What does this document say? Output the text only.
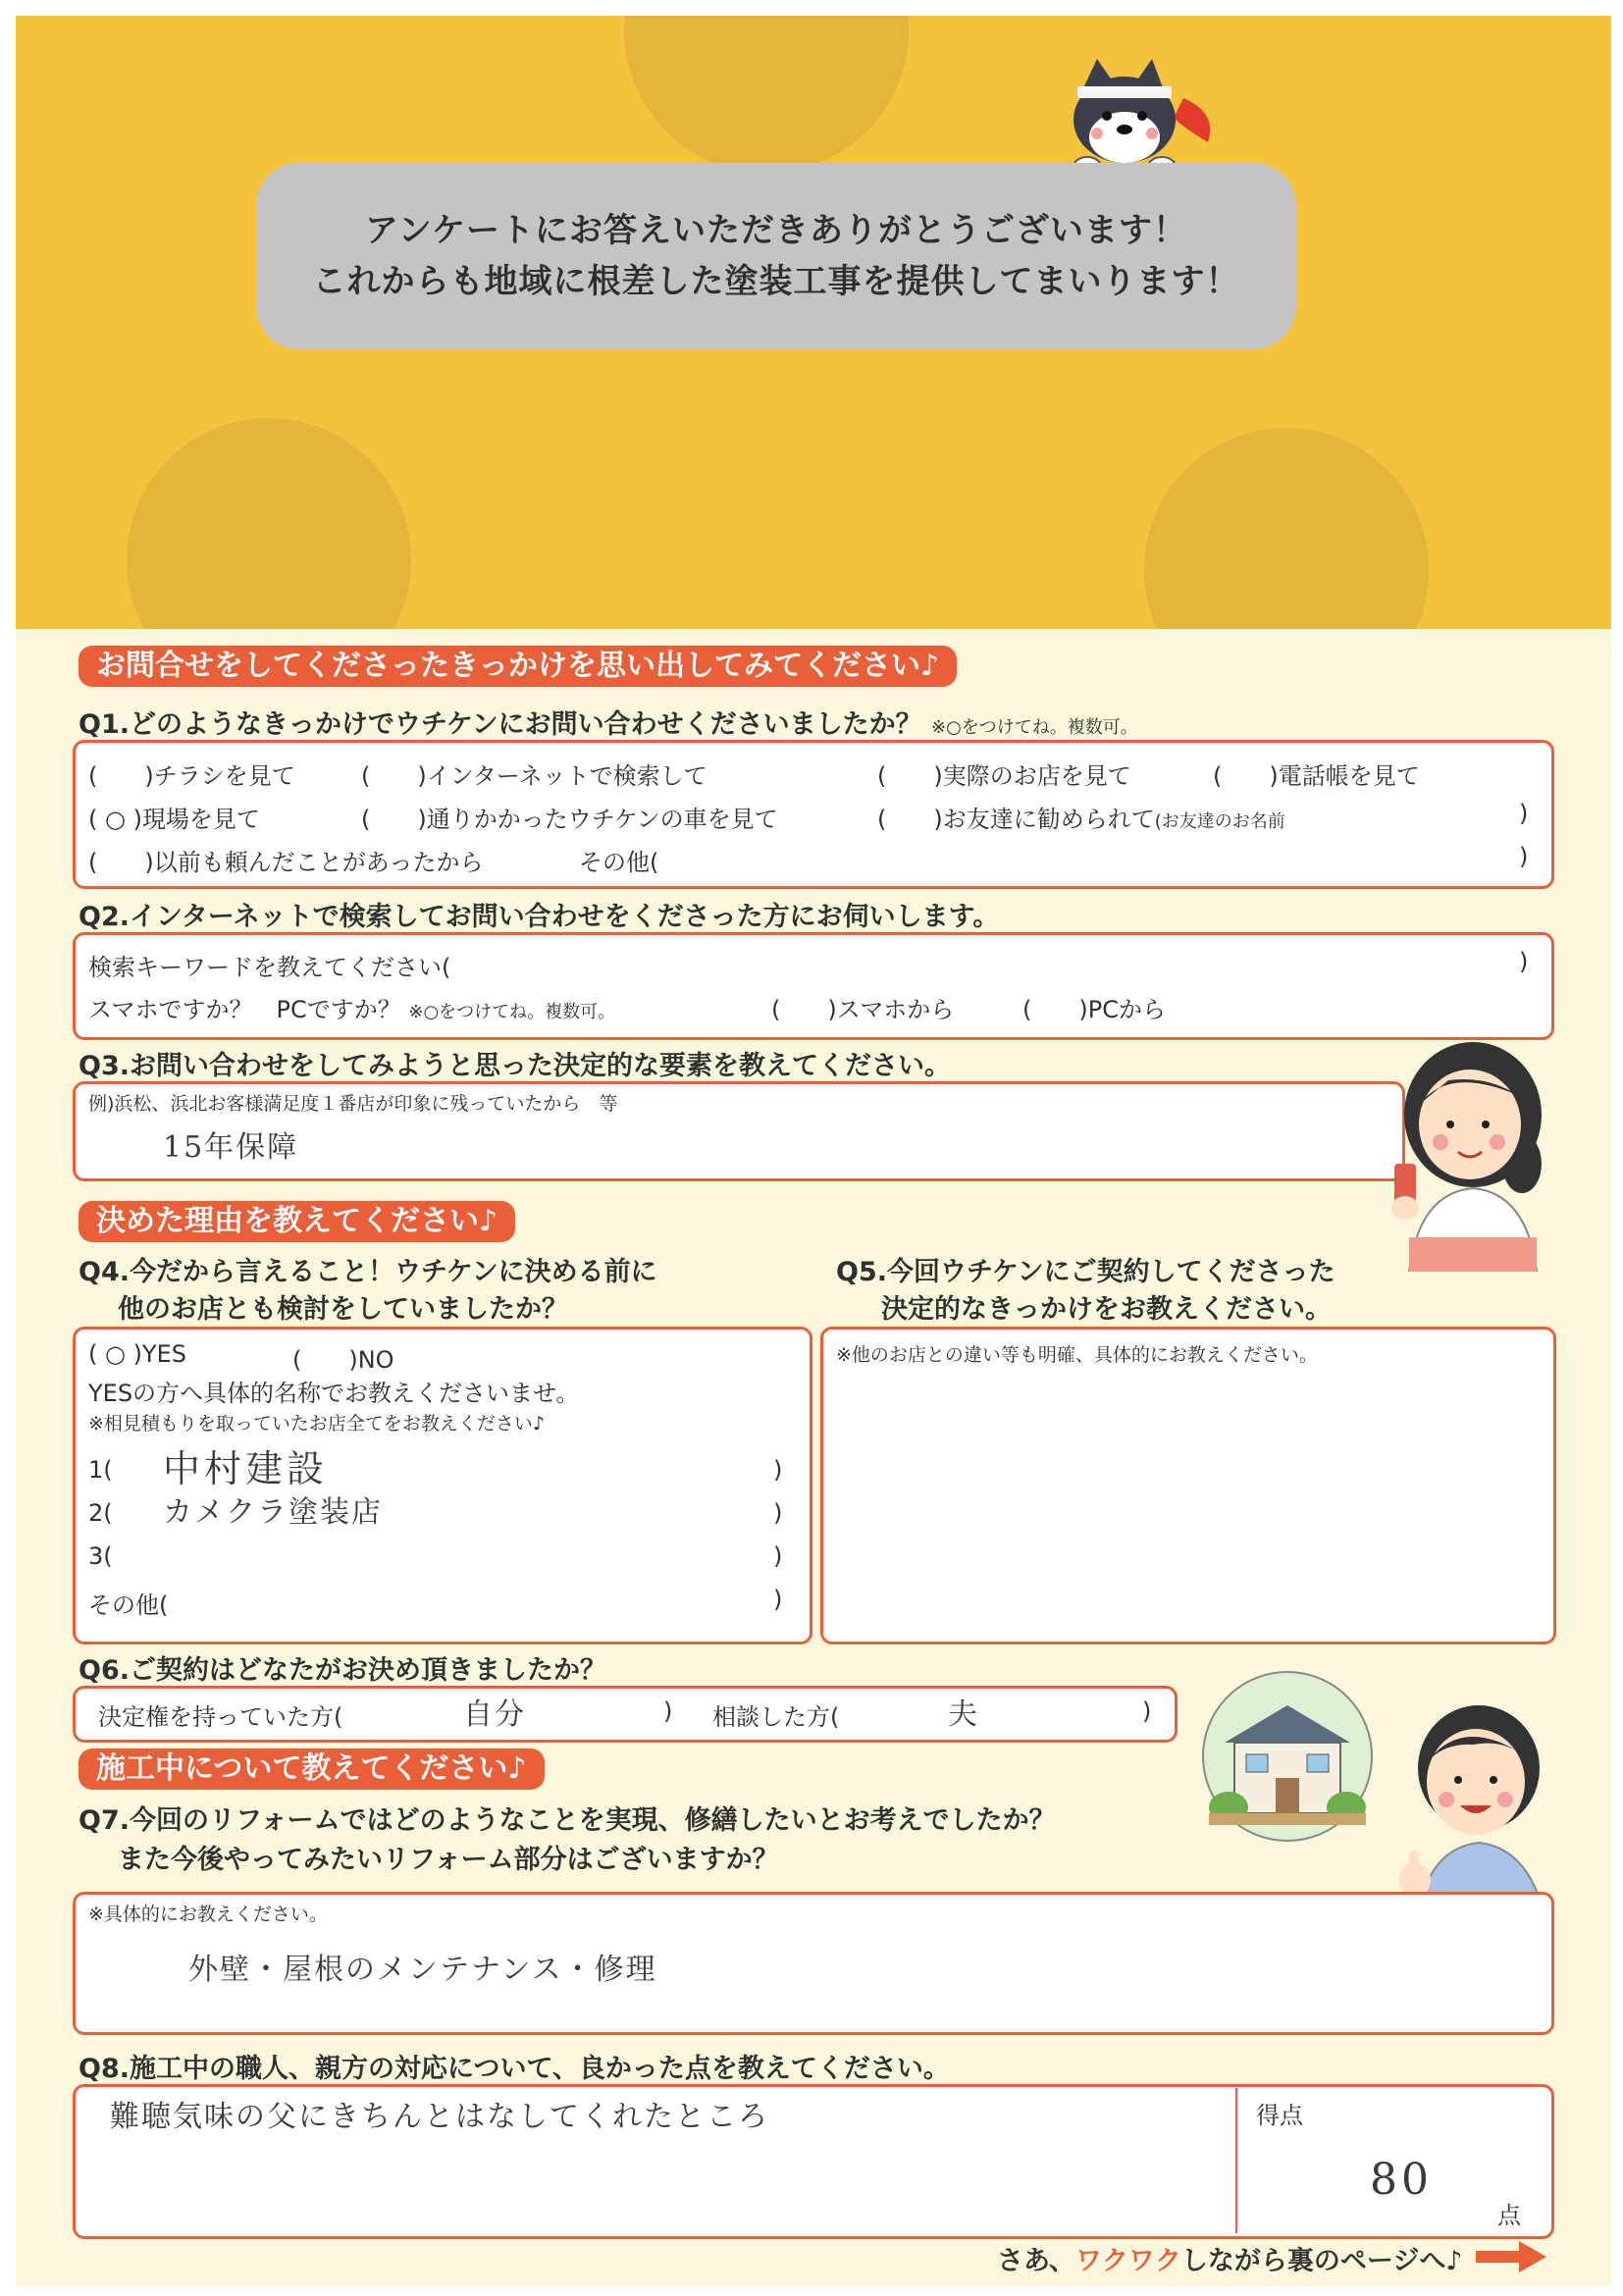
アンケートにお答えいただきありがとうございます！
これからも地域に根差した塗装工事を提供してまいります！
お問合せをしてくださったきっかけを思い出してみてください♪
Q1.どのようなきっかけでウチケンにお問い合わせくださいましたか？ ※○をつけてね。複数可。
(　　)チラシを見て	(　　)インターネットで検索して	(　　)実際のお店を見て	(　　)電話帳を見て
( ○ )現場を見て	(　　)通りかかったウチケンの車を見て	(　　)お友達に勧められて(お友達のお名前	)
(　　)以前も頼んだことがあったから	その他(	)
Q2.インターネットで検索してお問い合わせをくださった方にお伺いします。
検索キーワードを教えてください(	)
スマホですか？　PCですか？ ※○をつけてね。複数可。	(　　)スマホから	(　　)PCから
Q3.お問い合わせをしてみようと思った決定的な要素を教えてください。
例)浜松、浜北お客様満足度１番店が印象に残っていたから　等
15年保障
決めた理由を教えてください♪
Q4.今だから言えること！ウチケンに決める前に
他のお店とも検討をしていましたか？
Q5.今回ウチケンにご契約してくださった
決定的なきっかけをお教えください。
( ○ )YES	(　　)NO
YESの方へ具体的名称でお教えくださいませ。
※相見積もりを取っていたお店全てをお教えください♪
1( 中村建設	)
2( カメクラ塗装店	)
3(	)
その他(	)
※他のお店との違い等も明確、具体的にお教えください。
Q6.ご契約はどなたがお決め頂きましたか？
決定権を持っていた方(	自分	) 相談した方(	夫	)
施工中について教えてください♪
Q7.今回のリフォームではどのようなことを実現、修繕したいとお考えでしたか？
また今後やってみたいリフォーム部分はございますか？
※具体的にお教えください。
外壁・屋根のメンテナンス・修理
Q8.施工中の職人、親方の対応について、良かった点を教えてください。
難聴気味の父にきちんとはなしてくれたところ	得点
80
点
さあ、ワクワクしながら裏のページへ♪
